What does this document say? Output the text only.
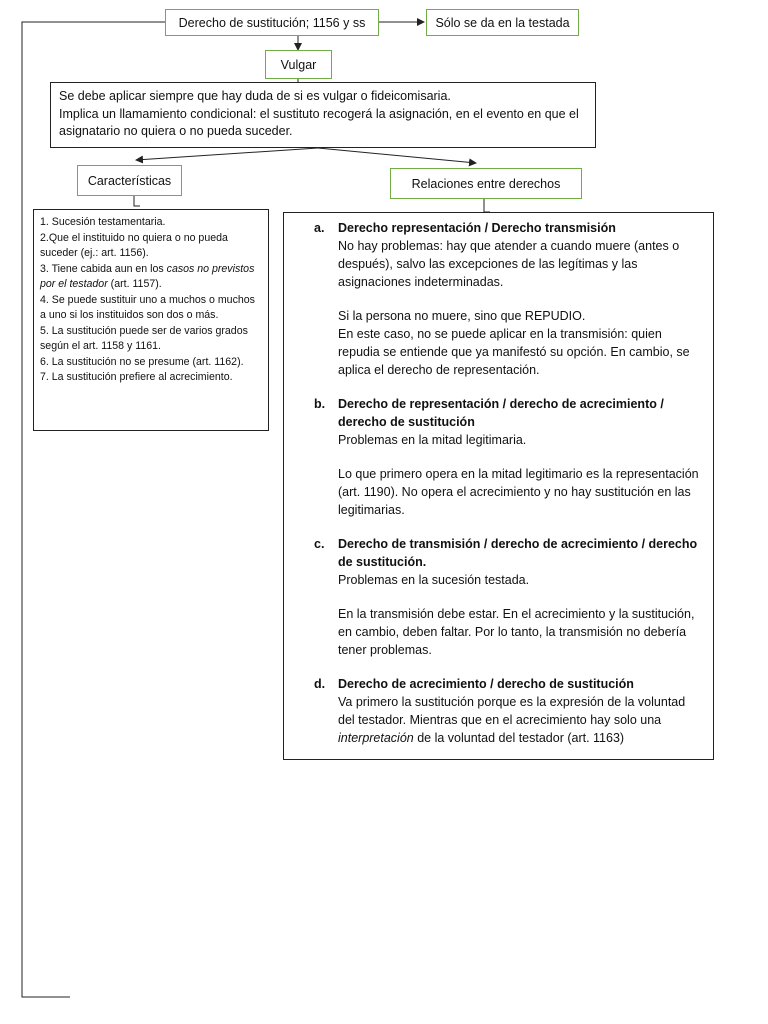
Derecho de sustitución; 1156 y ss	Sólo se da en la testada
Vulgar

Se debe aplicar siempre que hay duda de si es vulgar o fideicomisaria.

Implica un llamamiento condicional: el sustituto recogerá la asignación, en el evento en que el asignatario no quiera o no pueda suceder.

Características	Relaciones entre derechos

1. Sucesión testamentaria.

2.Que el instituido no quiera o no pueda suceder (ej.: art. 1156).

3. Tiene cabida aun en los casos no previstos por el testador (art. 1157).

4. Se puede sustituir uno a muchos o muchos a uno si los instituidos son dos o más.

5. La sustitución puede ser de varios grados según el art. 1158 y 1161.

6. La sustitución no se presume (art. 1162).

7. La sustitución prefiere al acrecimiento.

a. Derecho representación / Derecho transmisión

No hay problemas: hay que atender a cuando muere (antes o después), salvo las excepciones de las legítimas y las asignaciones indeterminadas.

Si la persona no muere, sino que REPUDIO.
En este caso, no se puede aplicar en la transmisión: quien repudia se entiende que ya manifestó su opción. En cambio, se aplica el derecho de representación.

b. Derecho de representación / derecho de acrecimiento / derecho de sustitución

Problemas en la mitad legitimaria.

Lo que primero opera en la mitad legitimario es la representación (art. 1190). No opera el acrecimiento y no hay sustitución en las legitimarias.

c. Derecho de transmisión / derecho de acrecimiento / derecho de sustitución.

Problemas en la sucesión testada.

En la transmisión debe estar. En el acrecimiento y la sustitución, en cambio, deben faltar. Por lo tanto, la transmisión no debería tener problemas.

d. Derecho de acrecimiento / derecho de sustitución

Va primero la sustitución porque es la expresión de la voluntad del testador. Mientras que en el acrecimiento hay solo una interpretación de la voluntad del testador (art. 1163)
